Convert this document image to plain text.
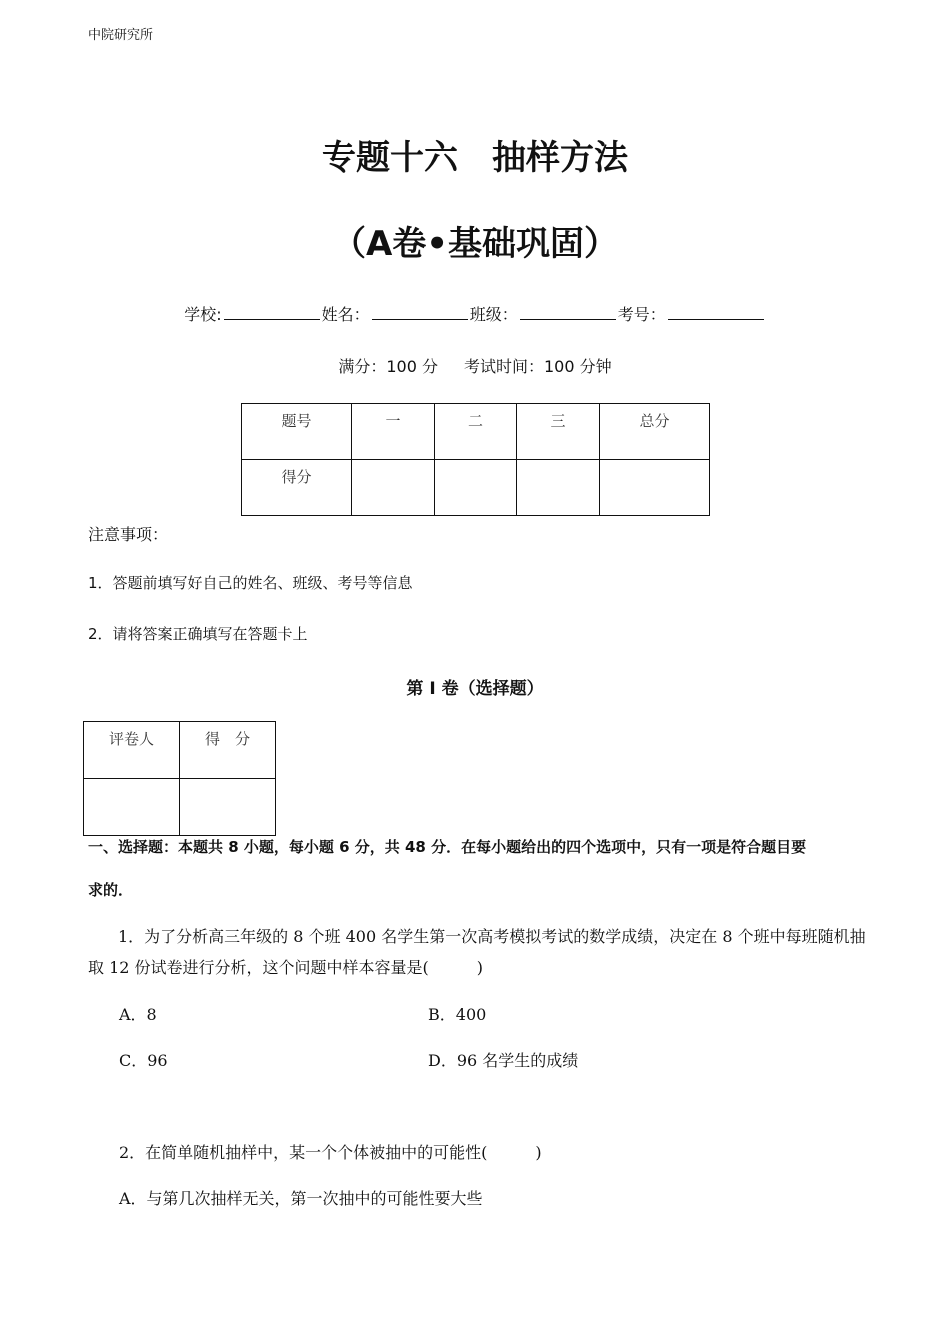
中院研究所
专题十六　抽样方法
（A卷•基础巩固）
学校:	姓名：	班级：	考号：
满分：100 分 考试时间：100 分钟
题号	一	二	三	总分
得分				
注意事项：
1．答题前填写好自己的姓名、班级、考号等信息
2．请将答案正确填写在答题卡上
第 I 卷（选择题）
评卷人	得　分

一、选择题：本题共 8 小题，每小题 6 分，共 48 分．在每小题给出的四个选项中，只有一项是符合题目要
求的．
1．为了分析高三年级的 8 个班 400 名学生第一次高考模拟考试的数学成绩，决定在 8 个班中每班随机抽取 12 份试卷进行分析，这个问题中样本容量是(　　　)
A．8	B．400
C．96	D．96 名学生的成绩
2．在简单随机抽样中，某一个个体被抽中的可能性(　　　)
A．与第几次抽样无关，第一次抽中的可能性要大些
